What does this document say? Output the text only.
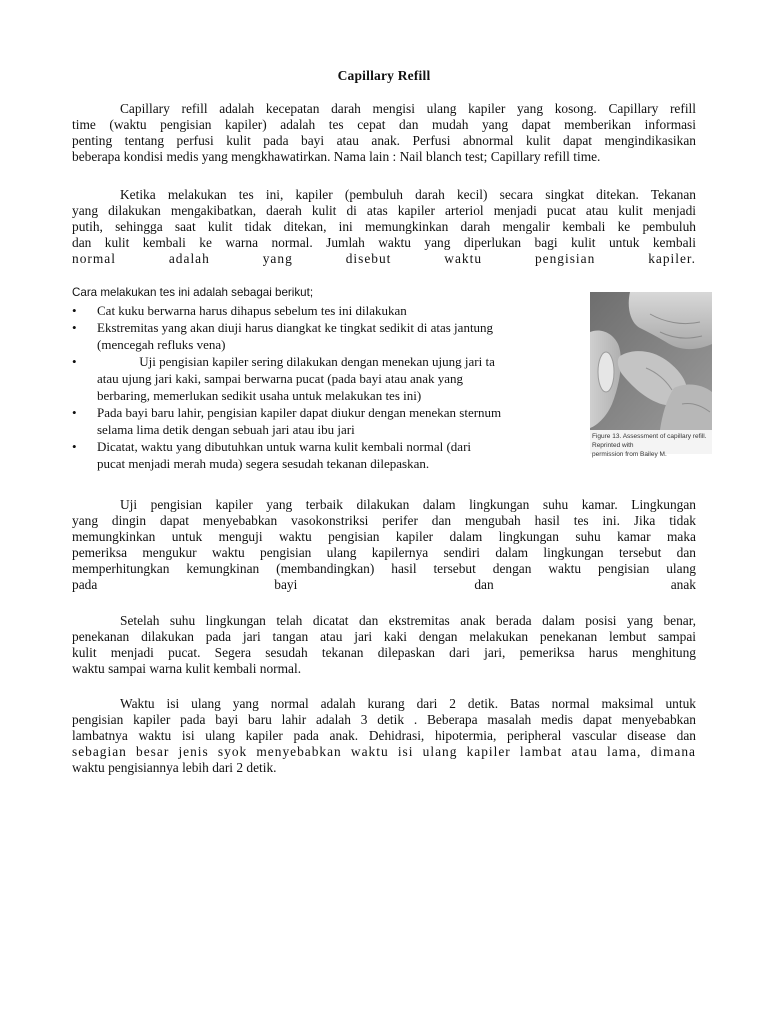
Capillary Refill
Capillary refill adalah kecepatan darah mengisi ulang kapiler yang kosong. Capillary refill
time (waktu pengisian kapiler) adalah tes cepat dan mudah yang dapat memberikan informasi
penting tentang perfusi kulit pada bayi atau anak. Perfusi abnormal kulit dapat mengindikasikan
beberapa kondisi medis yang mengkhawatirkan. Nama lain : Nail blanch test; Capillary refill time.
Ketika melakukan tes ini, kapiler (pembuluh darah kecil) secara singkat ditekan. Tekanan
yang dilakukan mengakibatkan, daerah kulit di atas kapiler arteriol menjadi pucat atau kulit menjadi
putih, sehingga saat kulit tidak ditekan, ini memungkinkan darah mengalir kembali ke pembuluh
dan kulit kembali ke warna normal. Jumlah waktu yang diperlukan bagi kulit untuk kembali
normal adalah yang disebut waktu pengisian kapiler.
Cara melakukan tes ini adalah sebagai berikut;
•	Cat kuku berwarna harus dihapus sebelum tes ini dilakukan
•	Ekstremitas yang akan diuji harus diangkat ke tingkat sedikit di atas jantung
(mencegah refluks vena)
•	Uji pengisian kapiler sering dilakukan dengan menekan ujung jari ta
atau ujung jari kaki, sampai berwarna pucat (pada bayi atau anak yang
berbaring, memerlukan sedikit usaha untuk melakukan tes ini)
•	Pada bayi baru lahir, pengisian kapiler dapat diukur dengan menekan sternum
selama lima detik dengan sebuah jari atau ibu jari
•	Dicatat, waktu yang dibutuhkan untuk warna kulit kembali normal (dari
pucat menjadi merah muda) segera sesudah tekanan dilepaskan.
Figure 13. Assessment of capillary refill. Reprinted with
permission from Bailey M.
Uji pengisian kapiler yang terbaik dilakukan dalam lingkungan suhu kamar. Lingkungan
yang dingin dapat menyebabkan vasokonstriksi perifer dan mengubah hasil tes ini. Jika tidak
memungkinkan untuk menguji waktu pengisian kapiler dalam lingkungan suhu kamar maka
pemeriksa mengukur waktu pengisian ulang kapilernya sendiri dalam lingkungan tersebut dan
memperhitungkan kemungkinan (membandingkan) hasil tersebut dengan waktu pengisian ulang
pada bayi dan anak
Setelah suhu lingkungan telah dicatat dan ekstremitas anak berada dalam posisi yang benar,
penekanan dilakukan pada jari tangan atau jari kaki dengan melakukan penekanan lembut sampai
kulit menjadi pucat. Segera sesudah tekanan dilepaskan dari jari, pemeriksa harus menghitung
waktu sampai warna kulit kembali normal.
Waktu isi ulang yang normal adalah kurang dari 2 detik. Batas normal maksimal untuk
pengisian kapiler pada bayi baru lahir adalah 3 detik . Beberapa masalah medis dapat menyebabkan
lambatnya waktu isi ulang kapiler pada anak. Dehidrasi, hipotermia, peripheral vascular disease dan
sebagian besar jenis syok menyebabkan waktu isi ulang kapiler lambat atau lama, dimana
waktu pengisiannya lebih dari 2 detik.
